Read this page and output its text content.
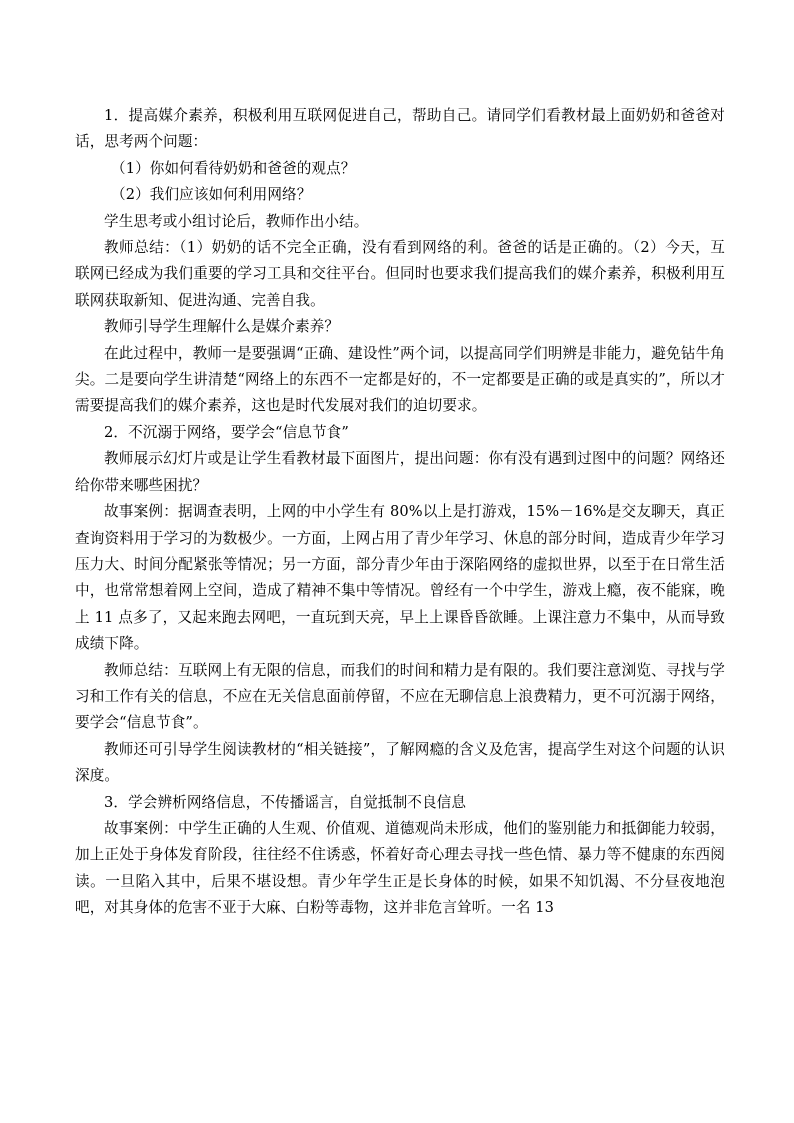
1．提高媒介素养，积极利用互联网促进自己，帮助自己。请同学们看教材最上面奶奶和爸爸对话，思考两个问题：

（1）你如何看待奶奶和爸爸的观点？

（2）我们应该如何利用网络？

学生思考或小组讨论后，教师作出小结。

教师总结：（1）奶奶的话不完全正确，没有看到网络的利。爸爸的话是正确的。（2）今天，互联网已经成为我们重要的学习工具和交往平台。但同时也要求我们提高我们的媒介素养，积极利用互联网获取新知、促进沟通、完善自我。

教师引导学生理解什么是媒介素养？

在此过程中，教师一是要强调“正确、建设性”两个词，以提高同学们明辨是非能力，避免钻牛角尖。二是要向学生讲清楚“网络上的东西不一定都是好的，不一定都要是正确的或是真实的”，所以才需要提高我们的媒介素养，这也是时代发展对我们的迫切要求。

2．不沉溺于网络，要学会“信息节食”

教师展示幻灯片或是让学生看教材最下面图片，提出问题：你有没有遇到过图中的问题？网络还给你带来哪些困扰？

故事案例：据调查表明，上网的中小学生有 80%以上是打游戏，15%－16%是交友聊天，真正查询资料用于学习的为数极少。一方面，上网占用了青少年学习、休息的部分时间，造成青少年学习压力大、时间分配紧张等情况；另一方面，部分青少年由于深陷网络的虚拟世界，以至于在日常生活中，也常常想着网上空间，造成了精神不集中等情况。曾经有一个中学生，游戏上瘾，夜不能寐，晚上 11 点多了，又起来跑去网吧，一直玩到天亮，早上上课昏昏欲睡。上课注意力不集中，从而导致成绩下降。

教师总结：互联网上有无限的信息，而我们的时间和精力是有限的。我们要注意浏览、寻找与学习和工作有关的信息，不应在无关信息面前停留，不应在无聊信息上浪费精力，更不可沉溺于网络，要学会“信息节食”。

教师还可引导学生阅读教材的“相关链接”，了解网瘾的含义及危害，提高学生对这个问题的认识深度。

3．学会辨析网络信息，不传播谣言，自觉抵制不良信息

故事案例：中学生正确的人生观、价值观、道德观尚未形成，他们的鉴别能力和抵御能力较弱，加上正处于身体发育阶段，往往经不住诱惑，怀着好奇心理去寻找一些色情、暴力等不健康的东西阅读。一旦陷入其中，后果不堪设想。青少年学生正是长身体的时候，如果不知饥渴、不分昼夜地泡吧，对其身体的危害不亚于大麻、白粉等毒物，这并非危言耸听。一名 13
